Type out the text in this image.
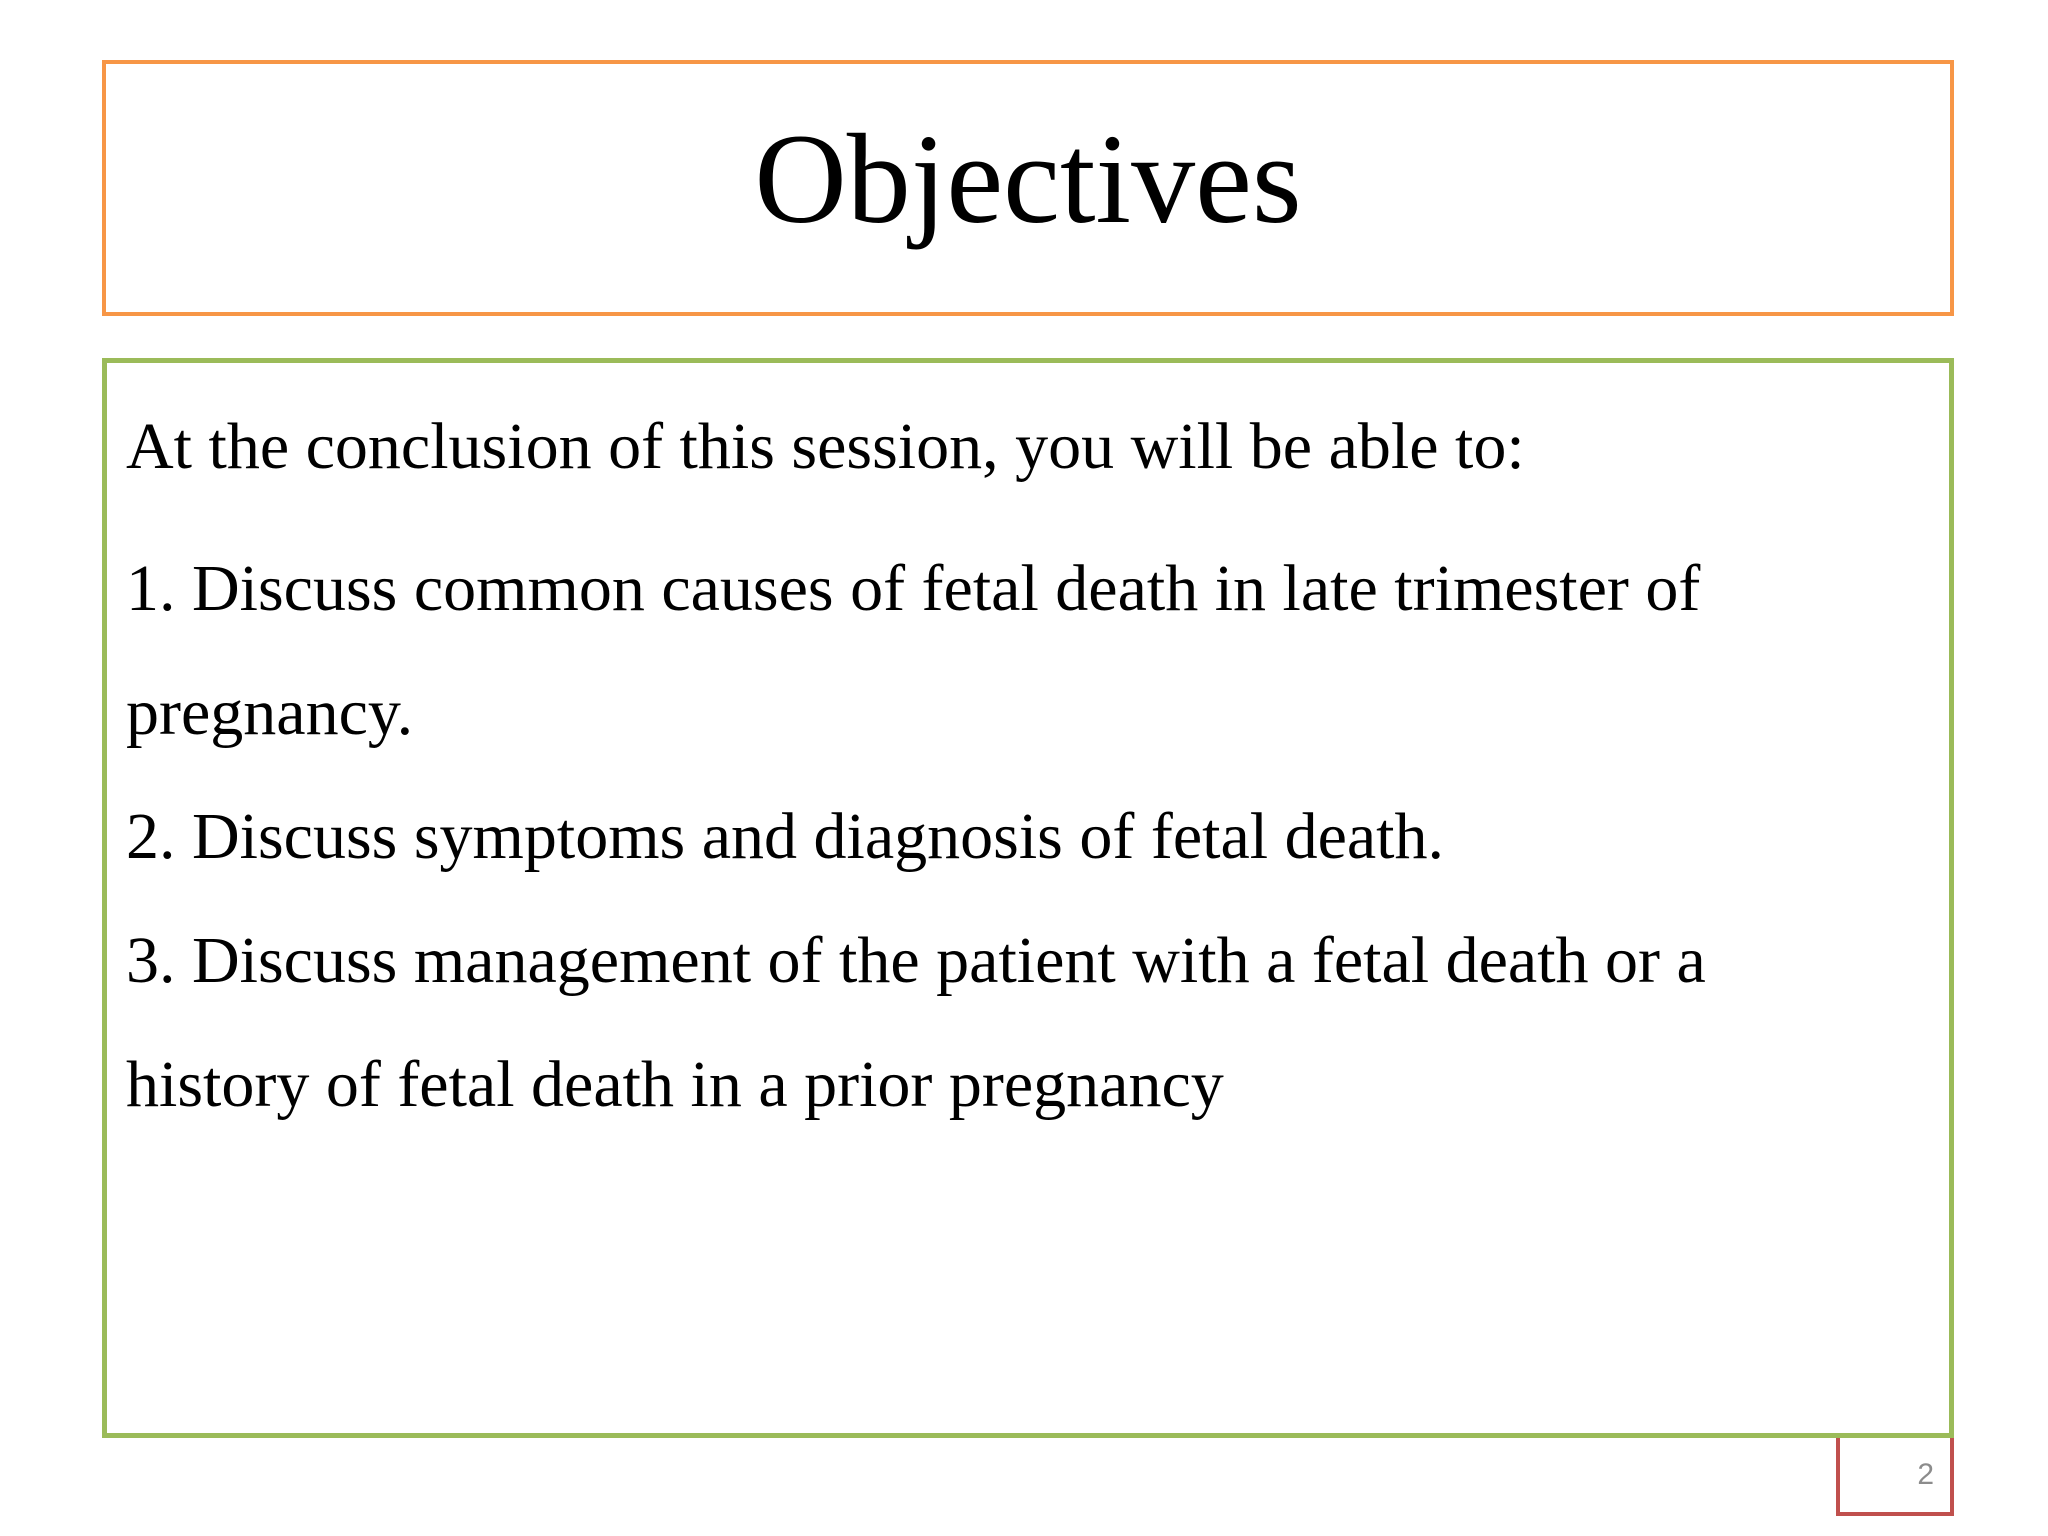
Objectives

At the conclusion of this session, you will be able to:

1. Discuss common causes of fetal death in late trimester of
pregnancy.
2. Discuss symptoms and diagnosis of fetal death.
3. Discuss management of the patient with a fetal death or a
history of fetal death in a prior pregnancy
2
